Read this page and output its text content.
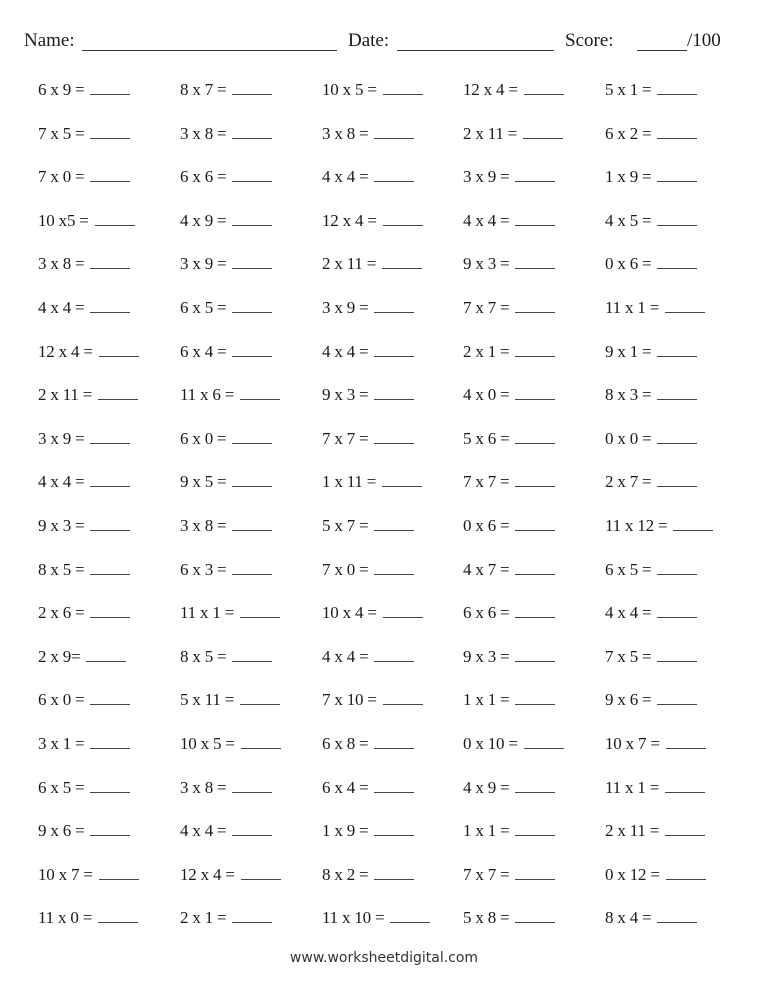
Name:	Date:	Score:	/100
6 x 9 =	8 x 7 =	10 x 5 =	12 x 4 =	5 x 1 =
7 x 5 =	3 x 8 =	3 x 8 =	2 x 11 =	6 x 2 =
7 x 0 =	6 x 6 =	4 x 4 =	3 x 9 =	1 x 9 =
10 x5 =	4 x 9 =	12 x 4 =	4 x 4 =	4 x 5 =
3 x 8 =	3 x 9 =	2 x 11 =	9 x 3 =	0 x 6 =
4 x 4 =	6 x 5 =	3 x 9 =	7 x 7 =	11 x 1 =
12 x 4 =	6 x 4 =	4 x 4 =	2 x 1 =	9 x 1 =
2 x 11 =	11 x 6 =	9 x 3 =	4 x 0 =	8 x 3 =
3 x 9 =	6 x 0 =	7 x 7 =	5 x 6 =	0 x 0 =
4 x 4 =	9 x 5 =	1 x 11 =	7 x 7 =	2 x 7 =
9 x 3 =	3 x 8 =	5 x 7 =	0 x 6 =	11 x 12 =
8 x 5 =	6 x 3 =	7 x 0 =	4 x 7 =	6 x 5 =
2 x 6 =	11 x 1 =	10 x 4 =	6 x 6 =	4 x 4 =
2 x 9=	8 x 5 =	4 x 4 =	9 x 3 =	7 x 5 =
6 x 0 =	5 x 11 =	7 x 10 =	1 x 1 =	9 x 6 =
3 x 1 =	10 x 5 =	6 x 8 =	0 x 10 =	10 x 7 =
6 x 5 =	3 x 8 =	6 x 4 =	4 x 9 =	11 x 1 =
9 x 6 =	4 x 4 =	1 x 9 =	1 x 1 =	2 x 11 =
10 x 7 =	12 x 4 =	8 x 2 =	7 x 7 =	0 x 12 =
11 x 0 =	2 x 1 =	11 x 10 =	5 x 8 =	8 x 4 =
www.worksheetdigital.com
